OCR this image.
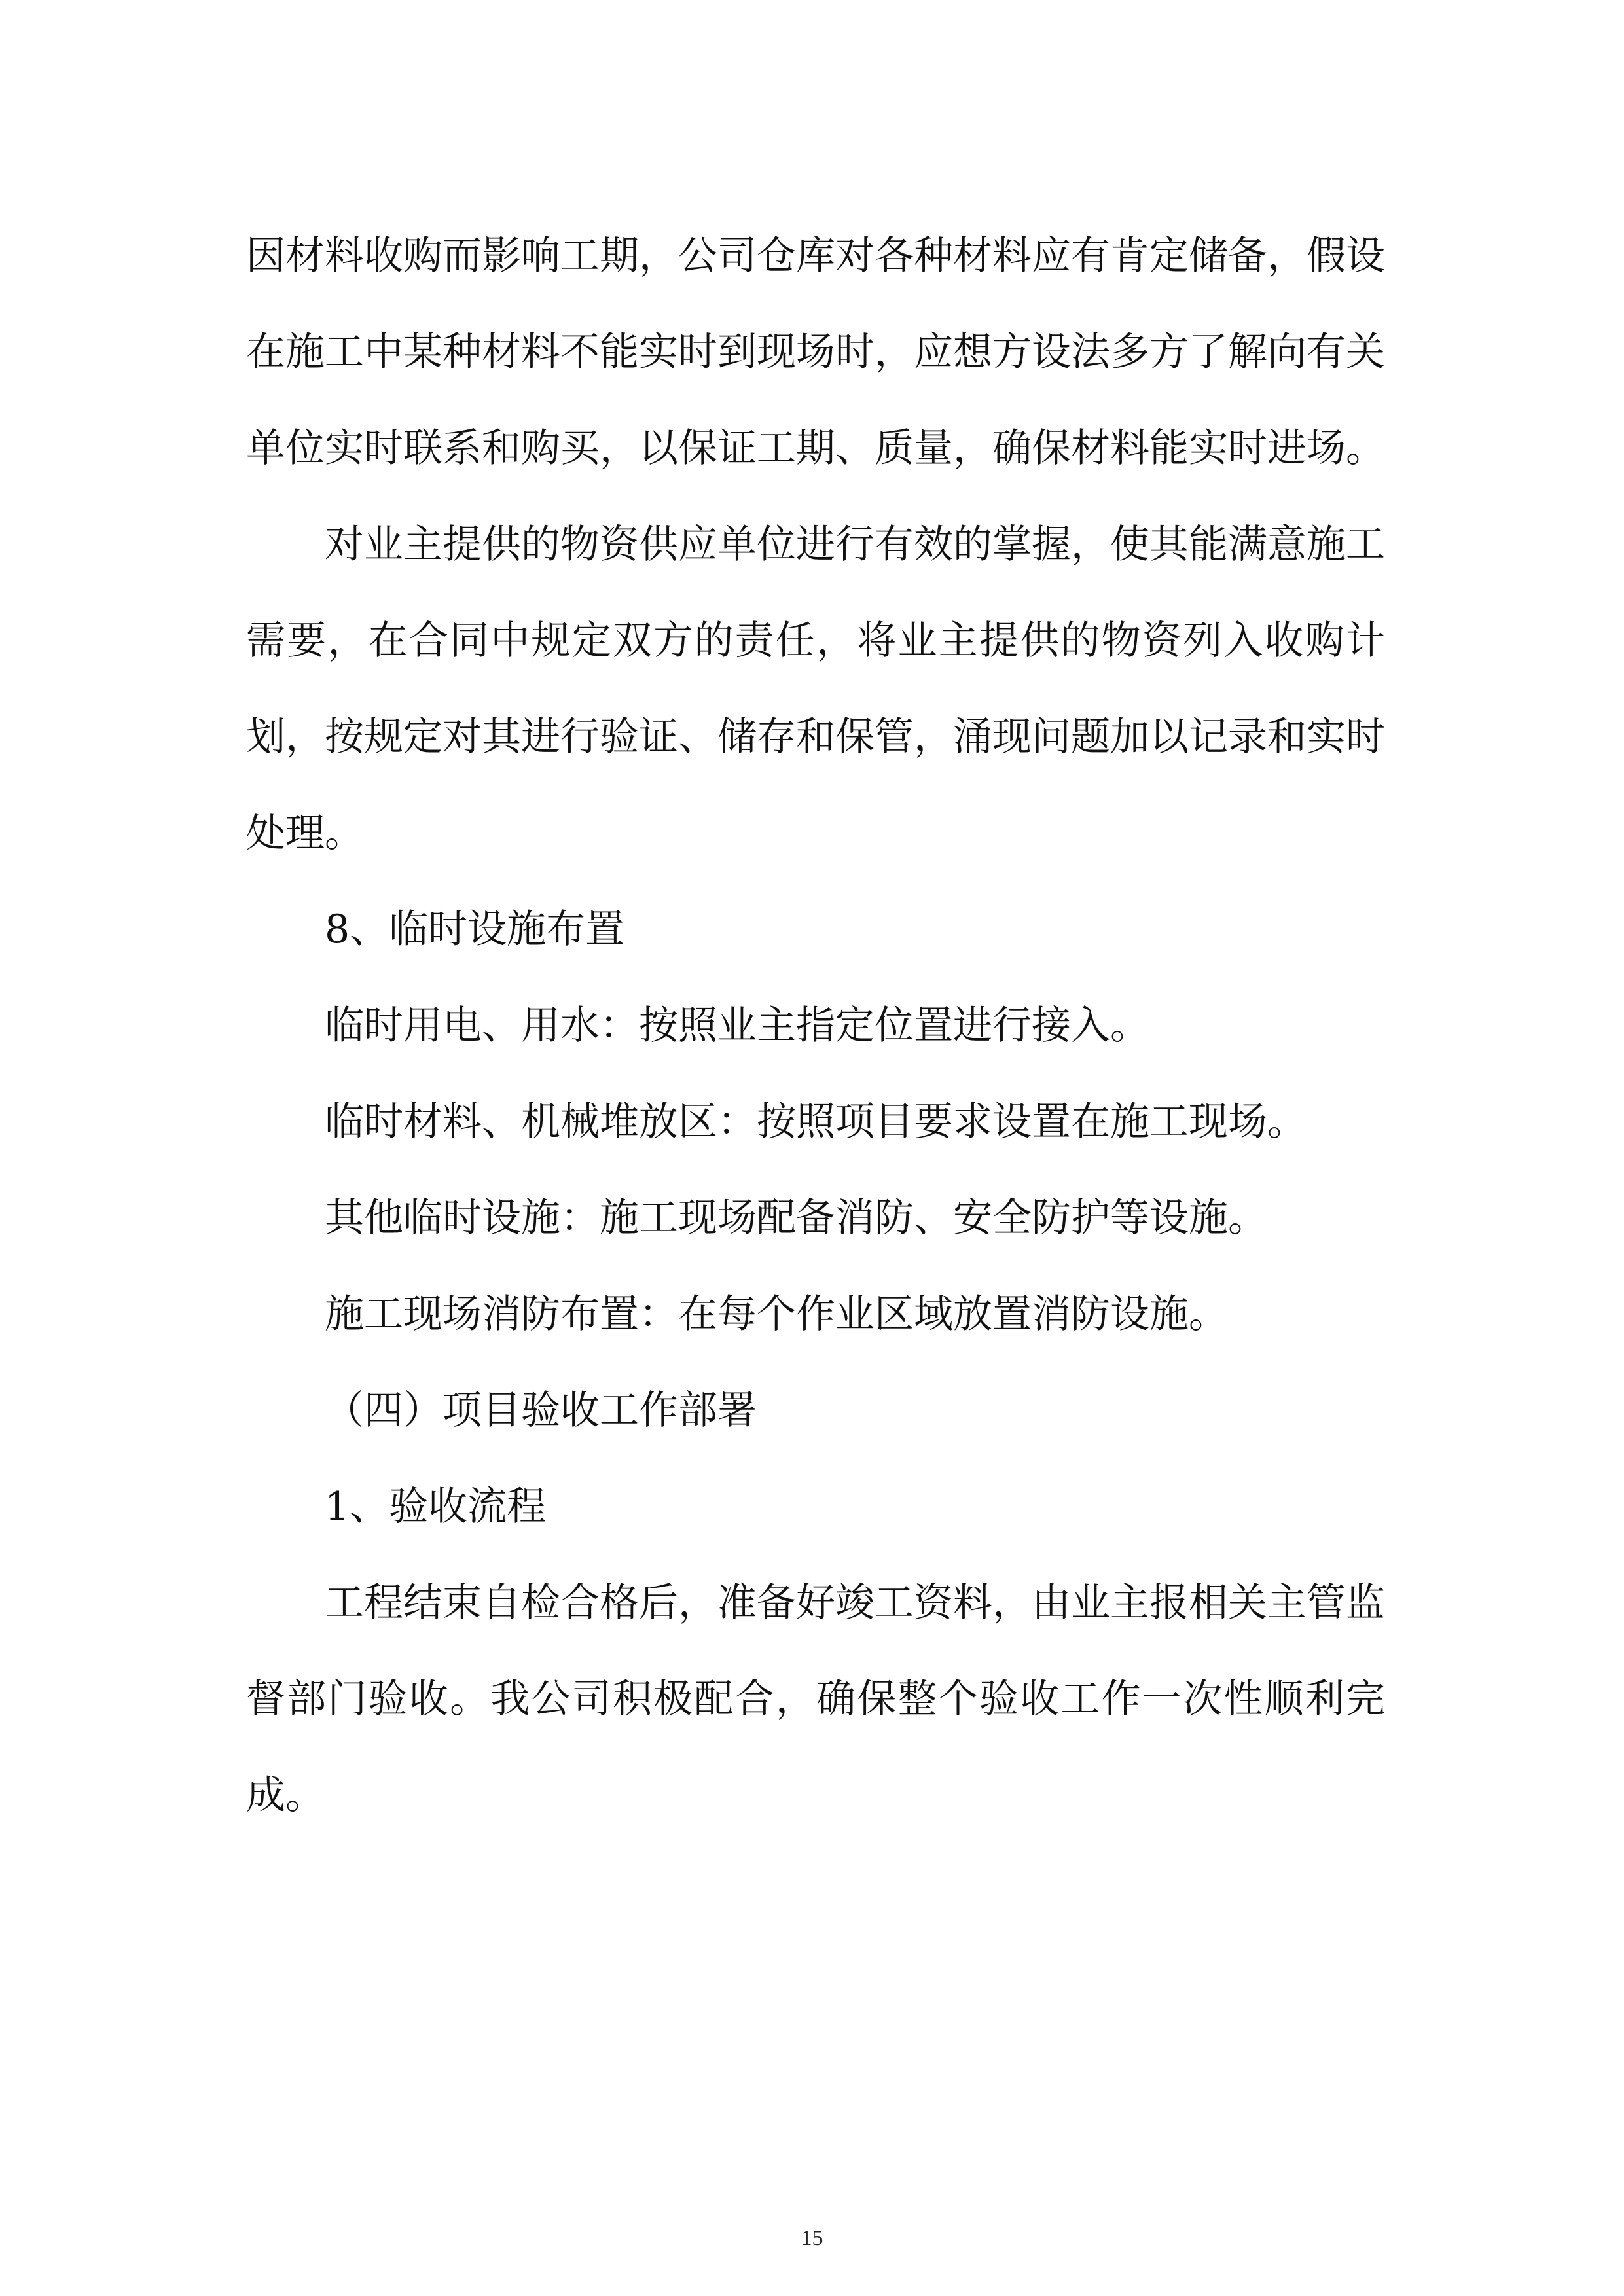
因材料收购而影响工期，公司仓库对各种材料应有肯定储备，假设在施工中某种材料不能实时到现场时，应想方设法多方了解向有关单位实时联系和购买，以保证工期、质量，确保材料能实时进场。

对业主提供的物资供应单位进行有效的掌握，使其能满意施工需要，在合同中规定双方的责任，将业主提供的物资列入收购计划，按规定对其进行验证、储存和保管，涌现问题加以记录和实时处理。

8、临时设施布置

临时用电、用水：按照业主指定位置进行接入。

临时材料、机械堆放区：按照项目要求设置在施工现场。

其他临时设施：施工现场配备消防、安全防护等设施。

施工现场消防布置：在每个作业区域放置消防设施。

（四）项目验收工作部署

1、验收流程

工程结束自检合格后，准备好竣工资料，由业主报相关主管监督部门验收。我公司积极配合，确保整个验收工作一次性顺利完成。

15
